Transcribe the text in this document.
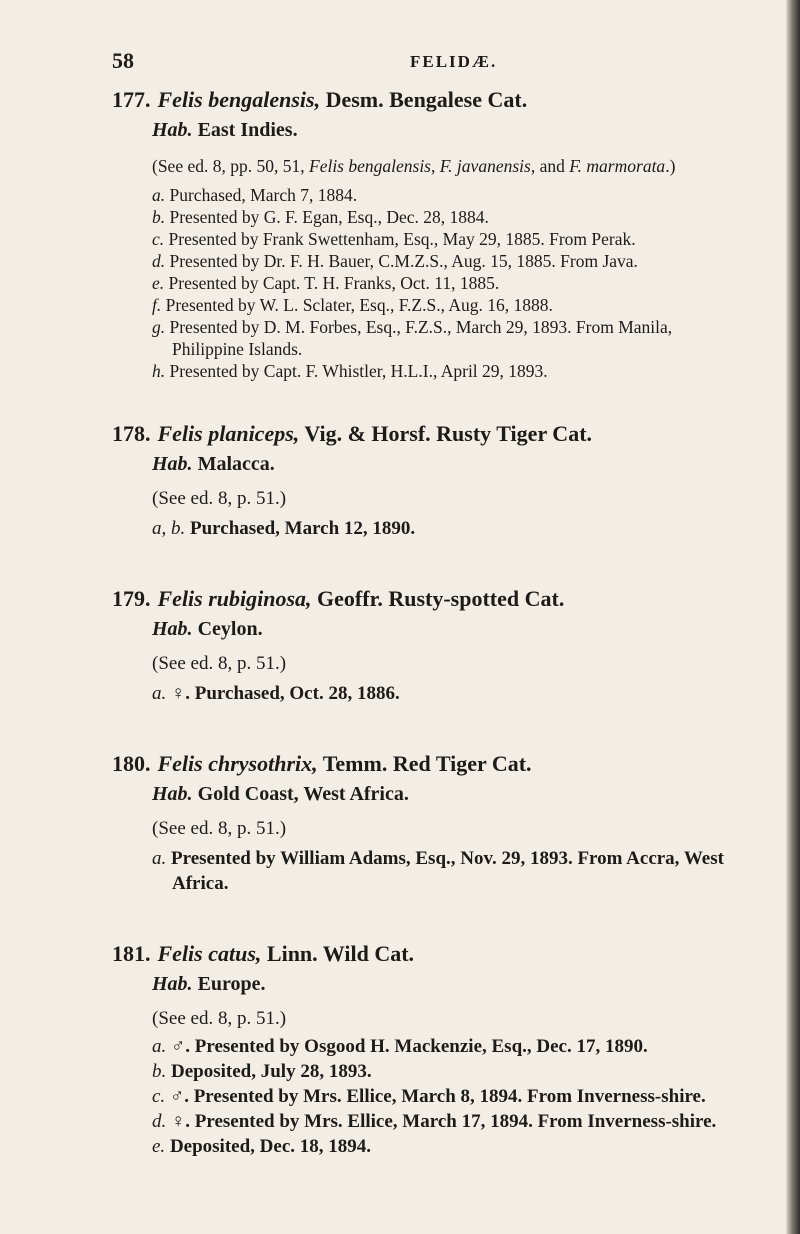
58	FELIDÆ.
177. Felis bengalensis, Desm. Bengalese Cat.
Hab. East Indies.
(See ed. 8, pp. 50, 51, Felis bengalensis, F. javanensis, and F. marmorata.)
a. Purchased, March 7, 1884.
b. Presented by G. F. Egan, Esq., Dec. 28, 1884.
c. Presented by Frank Swettenham, Esq., May 29, 1885. From Perak.
d. Presented by Dr. F. H. Bauer, C.M.Z.S., Aug. 15, 1885. From Java.
e. Presented by Capt. T. H. Franks, Oct. 11, 1885.
f. Presented by W. L. Sclater, Esq., F.Z.S., Aug. 16, 1888.
g. Presented by D. M. Forbes, Esq., F.Z.S., March 29, 1893. From Manila, Philippine Islands.
h. Presented by Capt. F. Whistler, H.L.I., April 29, 1893.
178. Felis planiceps, Vig. & Horsf. Rusty Tiger Cat.
Hab. Malacca.
(See ed. 8, p. 51.)
a, b. Purchased, March 12, 1890.
179. Felis rubiginosa, Geoffr. Rusty-spotted Cat.
Hab. Ceylon.
(See ed. 8, p. 51.)
a. ♀. Purchased, Oct. 28, 1886.
180. Felis chrysothrix, Temm. Red Tiger Cat.
Hab. Gold Coast, West Africa.
(See ed. 8, p. 51.)
a. Presented by William Adams, Esq., Nov. 29, 1893. From Accra, West Africa.
181. Felis catus, Linn. Wild Cat.
Hab. Europe.
(See ed. 8, p. 51.)
a. ♂. Presented by Osgood H. Mackenzie, Esq., Dec. 17, 1890.
b. Deposited, July 28, 1893.
c. ♂. Presented by Mrs. Ellice, March 8, 1894. From Inverness-shire.
d. ♀. Presented by Mrs. Ellice, March 17, 1894. From Inverness-shire.
e. Deposited, Dec. 18, 1894.
